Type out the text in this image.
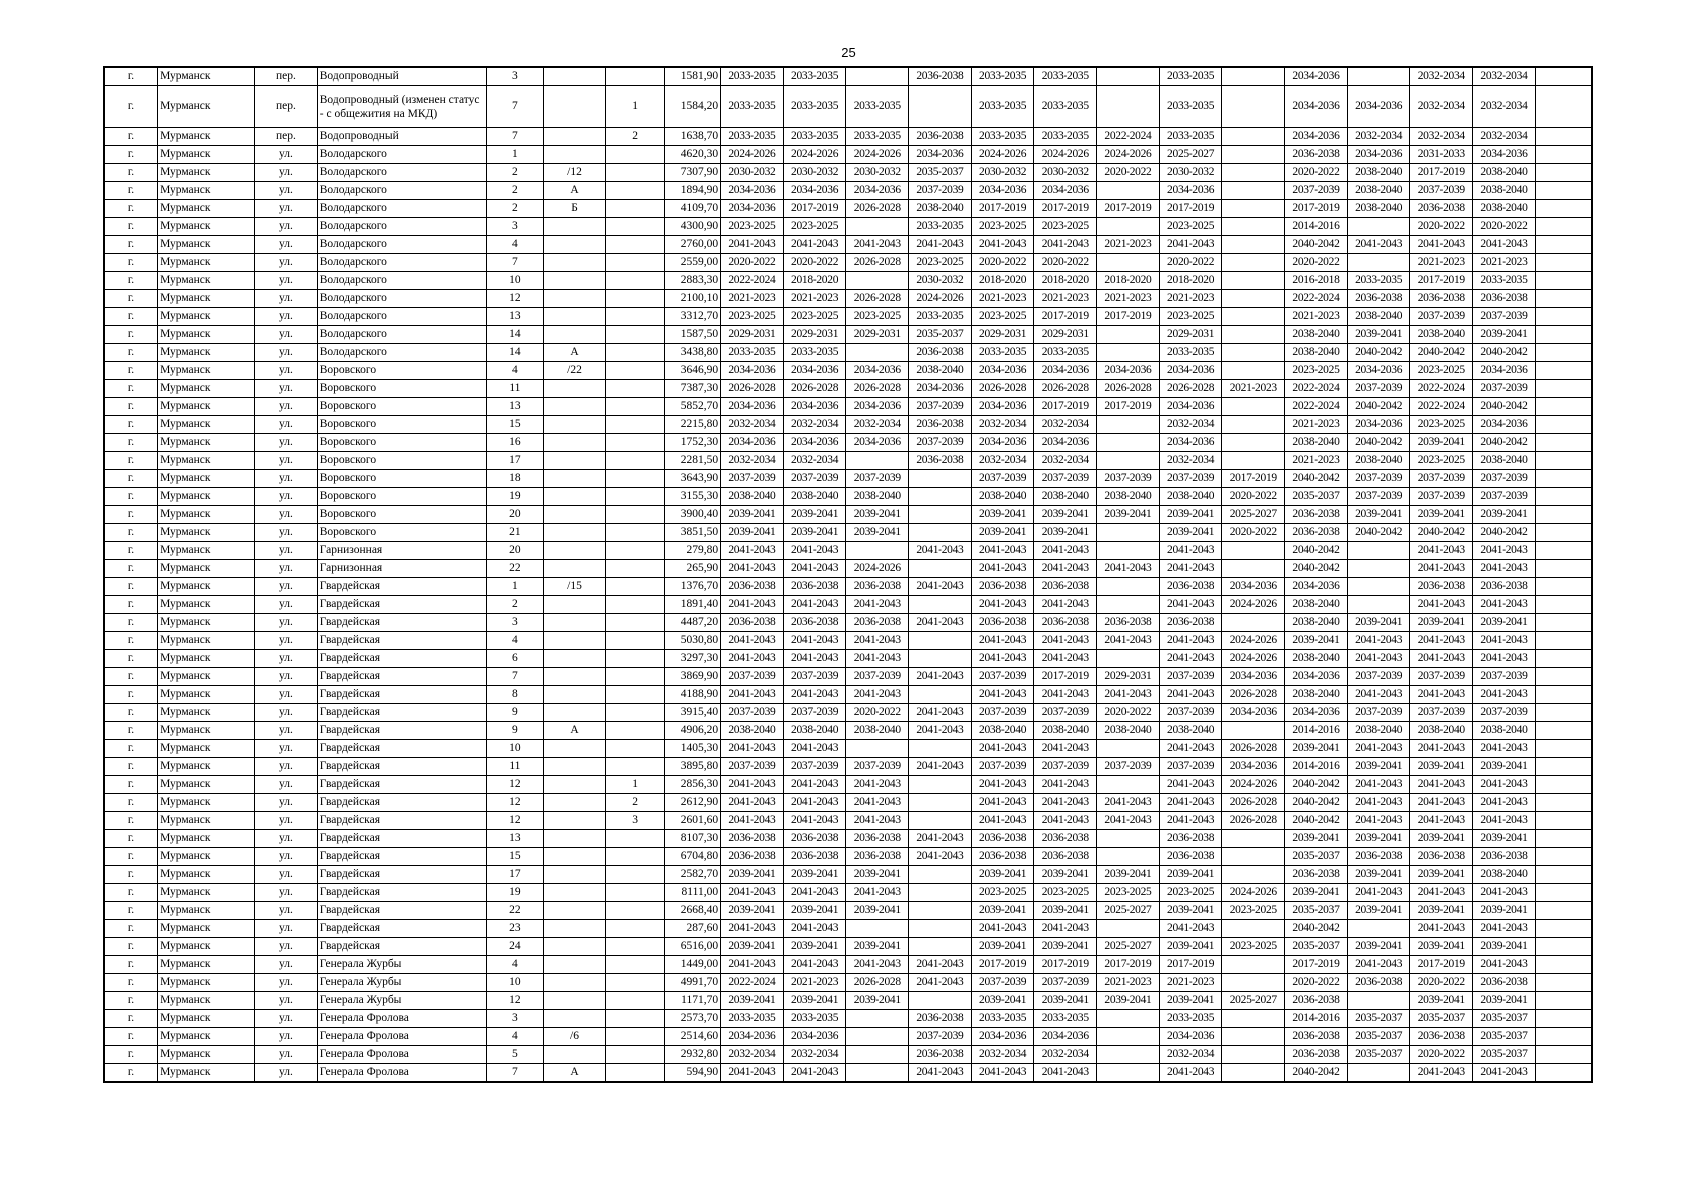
25
г.	Мурманск	пер.	Водопроводный	3			1581,90	2033-2035	2033-2035		2036-2038	2033-2035	2033-2035		2033-2035		2034-2036		2032-2034	2032-2034	
г.	Мурманск	пер.	Водопроводный (изменен статус - с общежития на МКД)	7		1	1584,20	2033-2035	2033-2035	2033-2035		2033-2035	2033-2035		2033-2035		2034-2036	2034-2036	2032-2034	2032-2034	
г.	Мурманск	пер.	Водопроводный	7		2	1638,70	2033-2035	2033-2035	2033-2035	2036-2038	2033-2035	2033-2035	2022-2024	2033-2035		2034-2036	2032-2034	2032-2034	2032-2034	
г.	Мурманск	ул.	Володарского	1			4620,30	2024-2026	2024-2026	2024-2026	2034-2036	2024-2026	2024-2026	2024-2026	2025-2027		2036-2038	2034-2036	2031-2033	2034-2036	
г.	Мурманск	ул.	Володарского	2	/12		7307,90	2030-2032	2030-2032	2030-2032	2035-2037	2030-2032	2030-2032	2020-2022	2030-2032		2020-2022	2038-2040	2017-2019	2038-2040	
г.	Мурманск	ул.	Володарского	2	А		1894,90	2034-2036	2034-2036	2034-2036	2037-2039	2034-2036	2034-2036		2034-2036		2037-2039	2038-2040	2037-2039	2038-2040	
г.	Мурманск	ул.	Володарского	2	Б		4109,70	2034-2036	2017-2019	2026-2028	2038-2040	2017-2019	2017-2019	2017-2019	2017-2019		2017-2019	2038-2040	2036-2038	2038-2040	
г.	Мурманск	ул.	Володарского	3			4300,90	2023-2025	2023-2025		2033-2035	2023-2025	2023-2025		2023-2025		2014-2016		2020-2022	2020-2022	
г.	Мурманск	ул.	Володарского	4			2760,00	2041-2043	2041-2043	2041-2043	2041-2043	2041-2043	2041-2043	2021-2023	2041-2043		2040-2042	2041-2043	2041-2043	2041-2043	
г.	Мурманск	ул.	Володарского	7			2559,00	2020-2022	2020-2022	2026-2028	2023-2025	2020-2022	2020-2022		2020-2022		2020-2022		2021-2023	2021-2023	
г.	Мурманск	ул.	Володарского	10			2883,30	2022-2024	2018-2020		2030-2032	2018-2020	2018-2020	2018-2020	2018-2020		2016-2018	2033-2035	2017-2019	2033-2035	
г.	Мурманск	ул.	Володарского	12			2100,10	2021-2023	2021-2023	2026-2028	2024-2026	2021-2023	2021-2023	2021-2023	2021-2023		2022-2024	2036-2038	2036-2038	2036-2038	
г.	Мурманск	ул.	Володарского	13			3312,70	2023-2025	2023-2025	2023-2025	2033-2035	2023-2025	2017-2019	2017-2019	2023-2025		2021-2023	2038-2040	2037-2039	2037-2039	
г.	Мурманск	ул.	Володарского	14			1587,50	2029-2031	2029-2031	2029-2031	2035-2037	2029-2031	2029-2031		2029-2031		2038-2040	2039-2041	2038-2040	2039-2041	
г.	Мурманск	ул.	Володарского	14	А		3438,80	2033-2035	2033-2035		2036-2038	2033-2035	2033-2035		2033-2035		2038-2040	2040-2042	2040-2042	2040-2042	
г.	Мурманск	ул.	Воровского	4	/22		3646,90	2034-2036	2034-2036	2034-2036	2038-2040	2034-2036	2034-2036	2034-2036	2034-2036		2023-2025	2034-2036	2023-2025	2034-2036	
г.	Мурманск	ул.	Воровского	11			7387,30	2026-2028	2026-2028	2026-2028	2034-2036	2026-2028	2026-2028	2026-2028	2026-2028	2021-2023	2022-2024	2037-2039	2022-2024	2037-2039	
г.	Мурманск	ул.	Воровского	13			5852,70	2034-2036	2034-2036	2034-2036	2037-2039	2034-2036	2017-2019	2017-2019	2034-2036		2022-2024	2040-2042	2022-2024	2040-2042	
г.	Мурманск	ул.	Воровского	15			2215,80	2032-2034	2032-2034	2032-2034	2036-2038	2032-2034	2032-2034		2032-2034		2021-2023	2034-2036	2023-2025	2034-2036	
г.	Мурманск	ул.	Воровского	16			1752,30	2034-2036	2034-2036	2034-2036	2037-2039	2034-2036	2034-2036		2034-2036		2038-2040	2040-2042	2039-2041	2040-2042	
г.	Мурманск	ул.	Воровского	17			2281,50	2032-2034	2032-2034		2036-2038	2032-2034	2032-2034		2032-2034		2021-2023	2038-2040	2023-2025	2038-2040	
г.	Мурманск	ул.	Воровского	18			3643,90	2037-2039	2037-2039	2037-2039		2037-2039	2037-2039	2037-2039	2037-2039	2017-2019	2040-2042	2037-2039	2037-2039	2037-2039	
г.	Мурманск	ул.	Воровского	19			3155,30	2038-2040	2038-2040	2038-2040		2038-2040	2038-2040	2038-2040	2038-2040	2020-2022	2035-2037	2037-2039	2037-2039	2037-2039	
г.	Мурманск	ул.	Воровского	20			3900,40	2039-2041	2039-2041	2039-2041		2039-2041	2039-2041	2039-2041	2039-2041	2025-2027	2036-2038	2039-2041	2039-2041	2039-2041	
г.	Мурманск	ул.	Воровского	21			3851,50	2039-2041	2039-2041	2039-2041		2039-2041	2039-2041		2039-2041	2020-2022	2036-2038	2040-2042	2040-2042	2040-2042	
г.	Мурманск	ул.	Гарнизонная	20			279,80	2041-2043	2041-2043		2041-2043	2041-2043	2041-2043		2041-2043		2040-2042		2041-2043	2041-2043	
г.	Мурманск	ул.	Гарнизонная	22			265,90	2041-2043	2041-2043	2024-2026		2041-2043	2041-2043	2041-2043	2041-2043		2040-2042		2041-2043	2041-2043	
г.	Мурманск	ул.	Гвардейская	1	/15		1376,70	2036-2038	2036-2038	2036-2038	2041-2043	2036-2038	2036-2038		2036-2038	2034-2036	2034-2036		2036-2038	2036-2038	
г.	Мурманск	ул.	Гвардейская	2			1891,40	2041-2043	2041-2043	2041-2043		2041-2043	2041-2043		2041-2043	2024-2026	2038-2040		2041-2043	2041-2043	
г.	Мурманск	ул.	Гвардейская	3			4487,20	2036-2038	2036-2038	2036-2038	2041-2043	2036-2038	2036-2038	2036-2038	2036-2038		2038-2040	2039-2041	2039-2041	2039-2041	
г.	Мурманск	ул.	Гвардейская	4			5030,80	2041-2043	2041-2043	2041-2043		2041-2043	2041-2043	2041-2043	2041-2043	2024-2026	2039-2041	2041-2043	2041-2043	2041-2043	
г.	Мурманск	ул.	Гвардейская	6			3297,30	2041-2043	2041-2043	2041-2043		2041-2043	2041-2043		2041-2043	2024-2026	2038-2040	2041-2043	2041-2043	2041-2043	
г.	Мурманск	ул.	Гвардейская	7			3869,90	2037-2039	2037-2039	2037-2039	2041-2043	2037-2039	2017-2019	2029-2031	2037-2039	2034-2036	2034-2036	2037-2039	2037-2039	2037-2039	
г.	Мурманск	ул.	Гвардейская	8			4188,90	2041-2043	2041-2043	2041-2043		2041-2043	2041-2043	2041-2043	2041-2043	2026-2028	2038-2040	2041-2043	2041-2043	2041-2043	
г.	Мурманск	ул.	Гвардейская	9			3915,40	2037-2039	2037-2039	2020-2022	2041-2043	2037-2039	2037-2039	2020-2022	2037-2039	2034-2036	2034-2036	2037-2039	2037-2039	2037-2039	
г.	Мурманск	ул.	Гвардейская	9	А		4906,20	2038-2040	2038-2040	2038-2040	2041-2043	2038-2040	2038-2040	2038-2040	2038-2040		2014-2016	2038-2040	2038-2040	2038-2040	
г.	Мурманск	ул.	Гвардейская	10			1405,30	2041-2043	2041-2043			2041-2043	2041-2043		2041-2043	2026-2028	2039-2041	2041-2043	2041-2043	2041-2043	
г.	Мурманск	ул.	Гвардейская	11			3895,80	2037-2039	2037-2039	2037-2039	2041-2043	2037-2039	2037-2039	2037-2039	2037-2039	2034-2036	2014-2016	2039-2041	2039-2041	2039-2041	
г.	Мурманск	ул.	Гвардейская	12		1	2856,30	2041-2043	2041-2043	2041-2043		2041-2043	2041-2043		2041-2043	2024-2026	2040-2042	2041-2043	2041-2043	2041-2043	
г.	Мурманск	ул.	Гвардейская	12		2	2612,90	2041-2043	2041-2043	2041-2043		2041-2043	2041-2043	2041-2043	2041-2043	2026-2028	2040-2042	2041-2043	2041-2043	2041-2043	
г.	Мурманск	ул.	Гвардейская	12		3	2601,60	2041-2043	2041-2043	2041-2043		2041-2043	2041-2043	2041-2043	2041-2043	2026-2028	2040-2042	2041-2043	2041-2043	2041-2043	
г.	Мурманск	ул.	Гвардейская	13			8107,30	2036-2038	2036-2038	2036-2038	2041-2043	2036-2038	2036-2038		2036-2038		2039-2041	2039-2041	2039-2041	2039-2041	
г.	Мурманск	ул.	Гвардейская	15			6704,80	2036-2038	2036-2038	2036-2038	2041-2043	2036-2038	2036-2038		2036-2038		2035-2037	2036-2038	2036-2038	2036-2038	
г.	Мурманск	ул.	Гвардейская	17			2582,70	2039-2041	2039-2041	2039-2041		2039-2041	2039-2041	2039-2041	2039-2041		2036-2038	2039-2041	2039-2041	2038-2040	
г.	Мурманск	ул.	Гвардейская	19			8111,00	2041-2043	2041-2043	2041-2043		2023-2025	2023-2025	2023-2025	2023-2025	2024-2026	2039-2041	2041-2043	2041-2043	2041-2043	
г.	Мурманск	ул.	Гвардейская	22			2668,40	2039-2041	2039-2041	2039-2041		2039-2041	2039-2041	2025-2027	2039-2041	2023-2025	2035-2037	2039-2041	2039-2041	2039-2041	
г.	Мурманск	ул.	Гвардейская	23			287,60	2041-2043	2041-2043			2041-2043	2041-2043		2041-2043		2040-2042		2041-2043	2041-2043	
г.	Мурманск	ул.	Гвардейская	24			6516,00	2039-2041	2039-2041	2039-2041		2039-2041	2039-2041	2025-2027	2039-2041	2023-2025	2035-2037	2039-2041	2039-2041	2039-2041	
г.	Мурманск	ул.	Генерала Журбы	4			1449,00	2041-2043	2041-2043	2041-2043	2041-2043	2017-2019	2017-2019	2017-2019	2017-2019		2017-2019	2041-2043	2017-2019	2041-2043	
г.	Мурманск	ул.	Генерала Журбы	10			4991,70	2022-2024	2021-2023	2026-2028	2041-2043	2037-2039	2037-2039	2021-2023	2021-2023		2020-2022	2036-2038	2020-2022	2036-2038	
г.	Мурманск	ул.	Генерала Журбы	12			1171,70	2039-2041	2039-2041	2039-2041		2039-2041	2039-2041	2039-2041	2039-2041	2025-2027	2036-2038		2039-2041	2039-2041	
г.	Мурманск	ул.	Генерала Фролова	3			2573,70	2033-2035	2033-2035		2036-2038	2033-2035	2033-2035		2033-2035		2014-2016	2035-2037	2035-2037	2035-2037	
г.	Мурманск	ул.	Генерала Фролова	4	/6		2514,60	2034-2036	2034-2036		2037-2039	2034-2036	2034-2036		2034-2036		2036-2038	2035-2037	2036-2038	2035-2037	
г.	Мурманск	ул.	Генерала Фролова	5			2932,80	2032-2034	2032-2034		2036-2038	2032-2034	2032-2034		2032-2034		2036-2038	2035-2037	2020-2022	2035-2037	
г.	Мурманск	ул.	Генерала Фролова	7	А		594,90	2041-2043	2041-2043		2041-2043	2041-2043	2041-2043		2041-2043		2040-2042		2041-2043	2041-2043	
